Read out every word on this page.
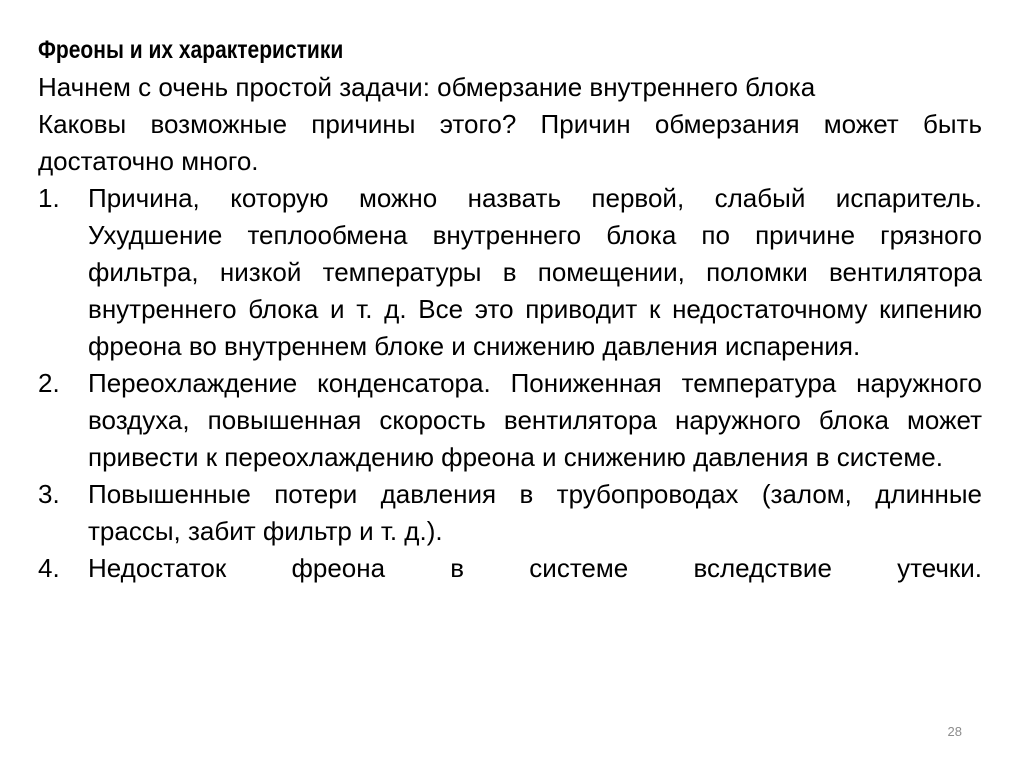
Фреоны и их характеристики
Начнем с очень простой задачи: обмерзание внутреннего блока
Каковы возможные причины этого? Причин обмерзания может быть достаточно много.
1.	Причина, которую можно назвать первой, слабый испаритель. Ухудшение теплообмена внутреннего блока по причине грязного фильтра, низкой температуры в помещении, поломки вентилятора внутреннего блока и т. д. Все это приводит к недостаточному кипению фреона во внутреннем блоке и снижению давления испарения.
2.	Переохлаждение конденсатора. Пониженная температура наружного воздуха, повышенная скорость вентилятора наружного блока может привести к переохлаждению фреона и снижению давления в системе.
3.	Повышенные потери давления в трубопроводах (залом, длинные трассы, забит фильтр и т. д.).
4.	Недостаток фреона в системе вследствие утечки.
28
